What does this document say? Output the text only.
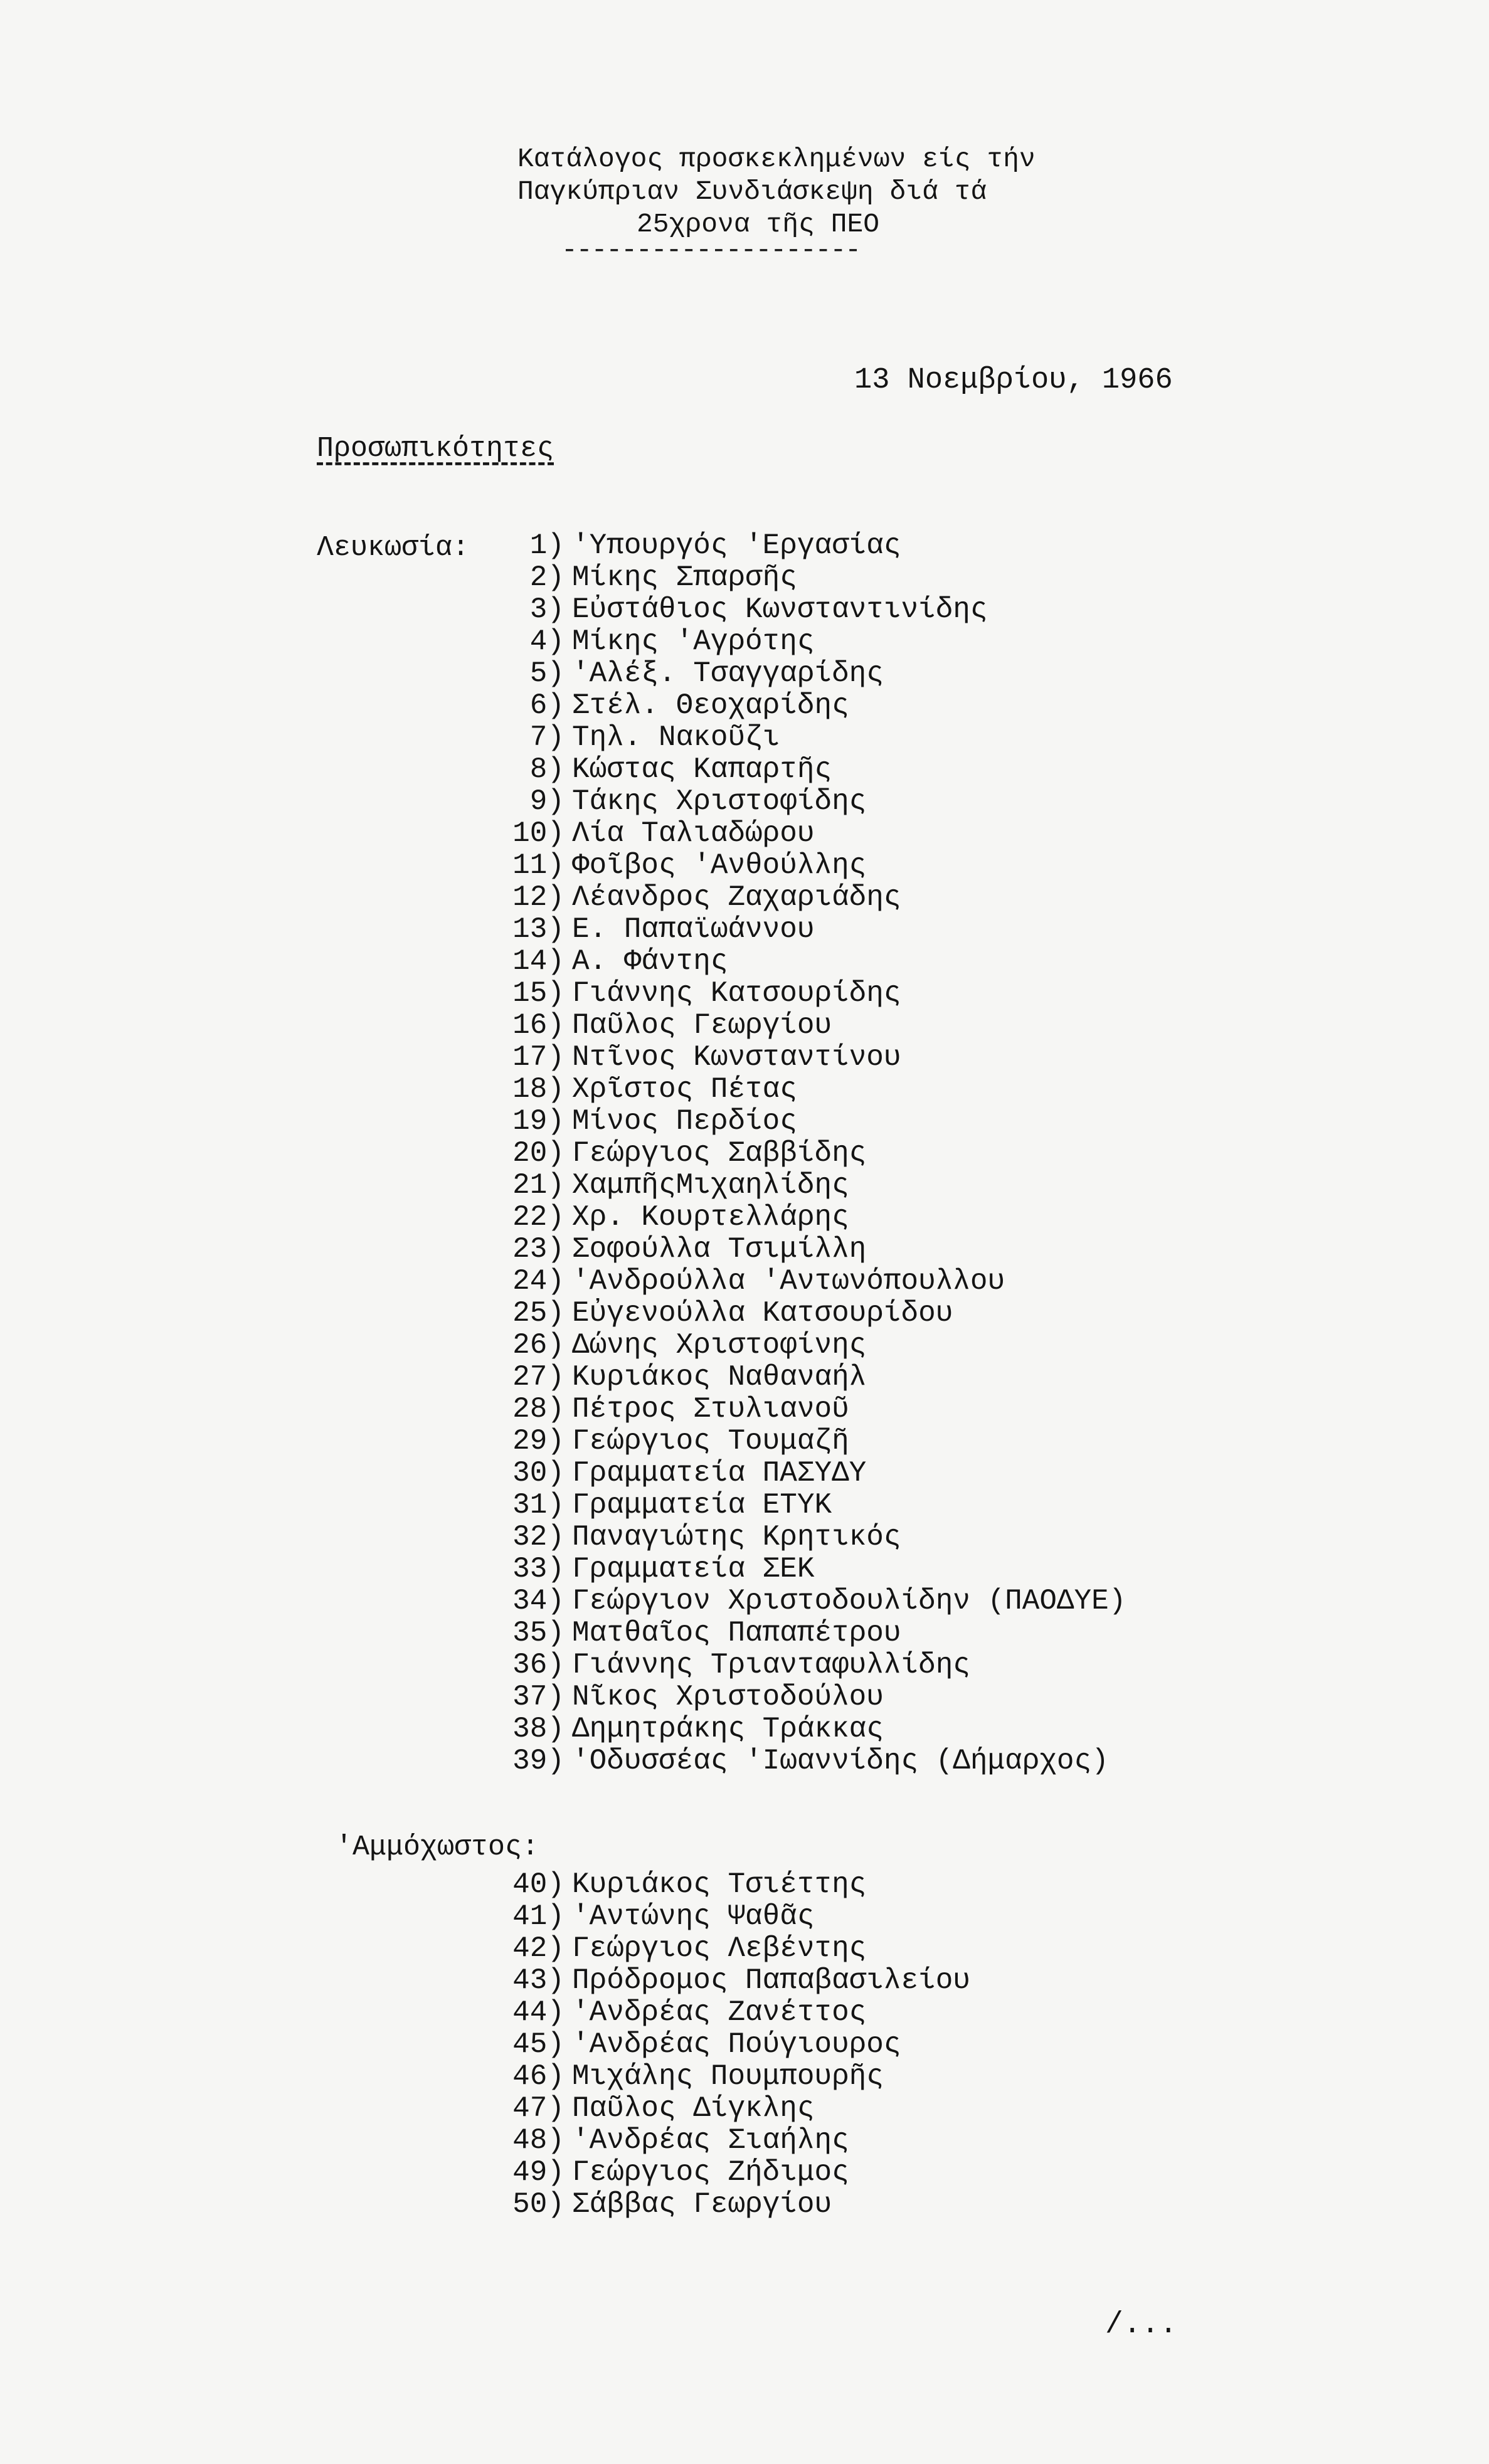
Κατάλογος προσκεκλημένων είς τήν
Παγκύπριαν Συνδιάσκεψη διά τά
25χρονα τῆς ΠΕΟ
--------------------
13 Νοεμβρίου, 1966
Προσωπικότητες
Λευκωσία:	1) 'Υπουργός 'Εργασίας
2) Μίκης Σπαρσῆς
3) Εὐστάθιος Κωνσταντινίδης
4) Μίκης 'Αγρότης
5) 'Αλέξ. Τσαγγαρίδης
6) Στέλ. Θεοχαρίδης
7) Τηλ. Νακοῦζι
8) Κώστας Καπαρτῆς
9) Τάκης Χριστοφίδης
10) Λία Ταλιαδώρου
11) Φοῖβος 'Ανθούλλης
12) Λέανδρος Ζαχαριάδης
13) Ε. Παπαϊωάννου
14) Α. Φάντης
15) Γιάννης Κατσουρίδης
16) Παῦλος Γεωργίου
17) Ντῖνος Κωνσταντίνου
18) Χρῖστος Πέτας
19) Μίνος Περδίος
20) Γεώργιος Σαββίδης
21) ΧαμπῆςΜιχαηλίδης
22) Χρ. Κουρτελλάρης
23) Σοφούλλα Τσιμίλλη
24) 'Ανδρούλλα 'Αντωνόπουλλου
25) Εὐγενούλλα Κατσουρίδου
26) Δώνης Χριστοφίνης
27) Κυριάκος Ναθαναήλ
28) Πέτρος Στυλιανοῦ
29) Γεώργιος Τουμαζῆ
30) Γραμματεία ΠΑΣΥΔΥ
31) Γραμματεία ΕΤΥΚ
32) Παναγιώτης Κρητικός
33) Γραμματεία ΣΕΚ
34) Γεώργιον Χριστοδουλίδην (ΠΑΟΔΥΕ)
35) Ματθαῖος Παπαπέτρου
36) Γιάννης Τριανταφυλλίδης
37) Νῖκος Χριστοδούλου
38) Δημητράκης Τράκκας
39) 'Οδυσσέας 'Ιωαννίδης (Δήμαρχος)
'Αμμόχωστος:
40) Κυριάκος Τσιέττης
41) 'Αντώνης Ψαθᾶς
42) Γεώργιος Λεβέντης
43) Πρόδρομος Παπαβασιλείου
44) 'Ανδρέας Ζανέττος
45) 'Ανδρέας Πούγιουρος
46) Μιχάλης Πουμπουρῆς
47) Παῦλος Δίγκλης
48) 'Ανδρέας Σιαήλης
49) Γεώργιος Ζήδιμος
50) Σάββας Γεωργίου
/...
